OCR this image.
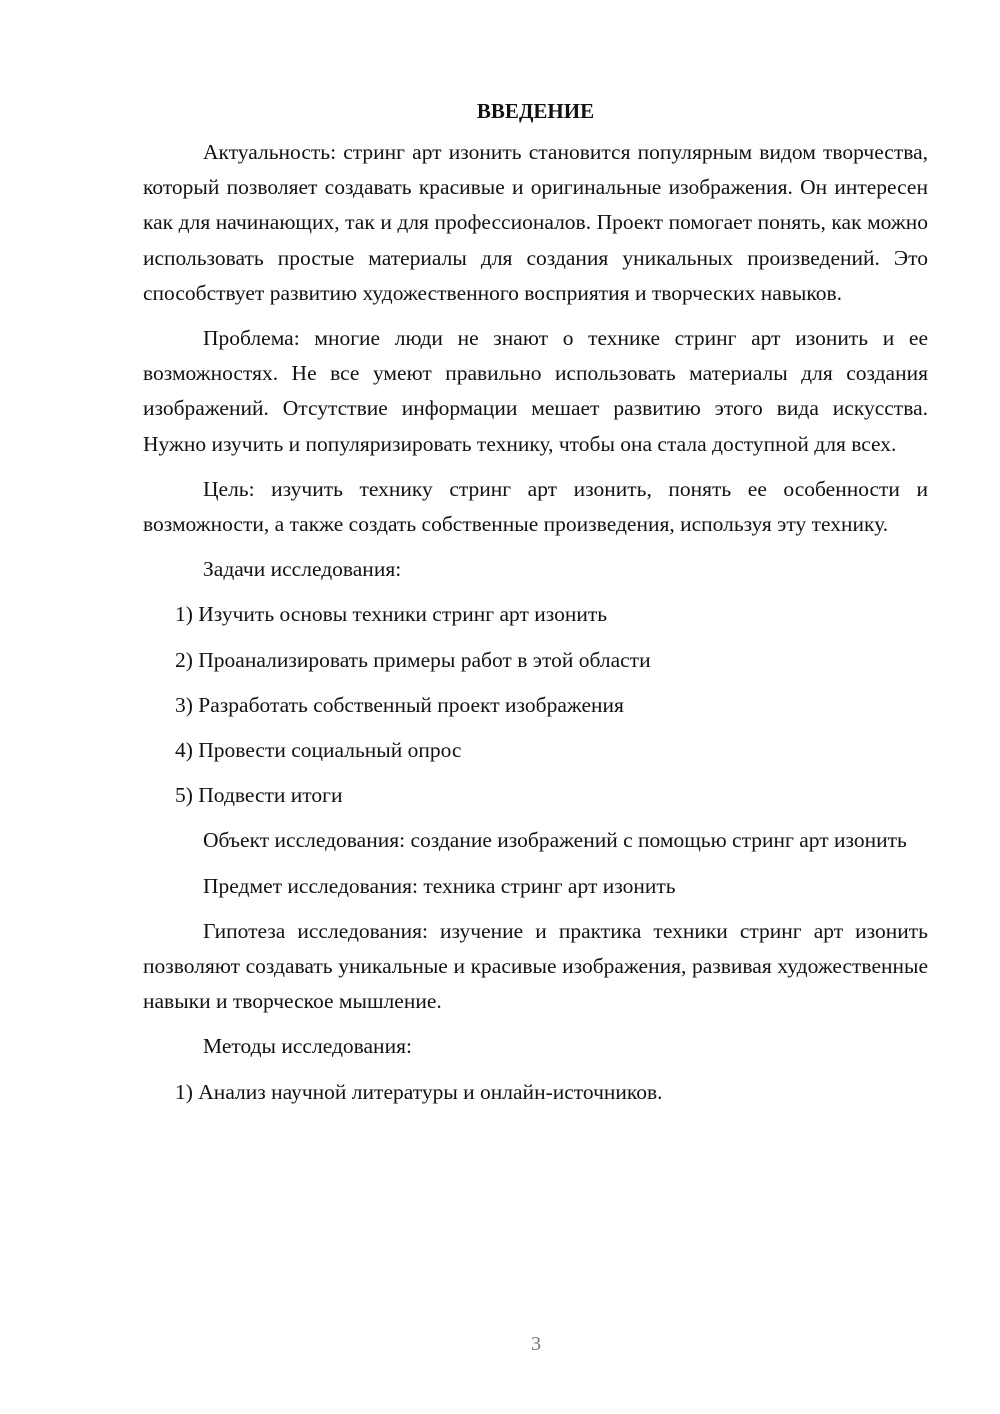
ВВЕДЕНИЕ

Актуальность: стринг арт изонить становится популярным видом творчества, который позволяет создавать красивые и оригинальные изображения. Он интересен как для начинающих, так и для профессионалов. Проект помогает понять, как можно использовать простые материалы для создания уникальных произведений. Это способствует развитию художественного восприятия и творческих навыков.

Проблема: многие люди не знают о технике стринг арт изонить и ее возможностях. Не все умеют правильно использовать материалы для создания изображений. Отсутствие информации мешает развитию этого вида искусства. Нужно изучить и популяризировать технику, чтобы она стала доступной для всех.

Цель: изучить технику стринг арт изонить, понять ее особенности и возможности, а также создать собственные произведения, используя эту технику.

Задачи исследования:

1) Изучить основы техники стринг арт изонить

2) Проанализировать примеры работ в этой области

3) Разработать собственный проект изображения

4) Провести социальный опрос

5) Подвести итоги

Объект исследования: создание изображений с помощью стринг арт изонить

Предмет исследования: техника стринг арт изонить

Гипотеза исследования: изучение и практика техники стринг арт изонить позволяют создавать уникальные и красивые изображения, развивая художественные навыки и творческое мышление.

Методы исследования:

1) Анализ научной литературы и онлайн-источников.

3
